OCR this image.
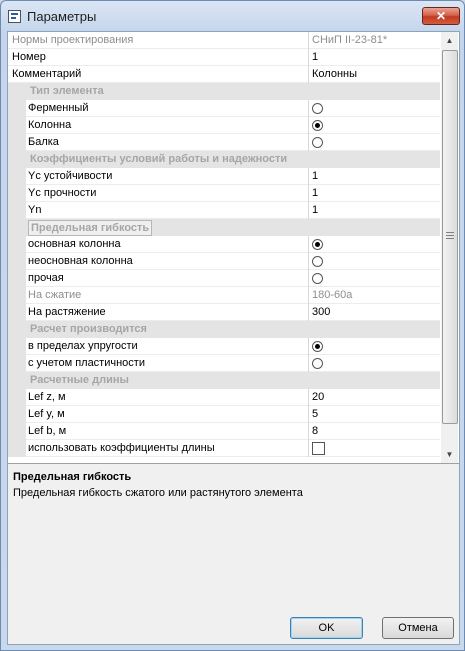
Параметры	✕
Нормы проектирования	СНиП II-23-81*
Номер	1
Комментарий	Колонны
Тип элемента
Ферменный
Колонна
Балка
Коэффициенты условий работы и надежности
Yc устойчивости	1
Yc прочности	1
Yn	1
Предельная гибкость
основная колонна
неосновная колонна
прочая
На сжатие	180-60a
На растяжение	300
Расчет производится
в пределах упругости
с учетом пластичности
Расчетные длины
Lef z, м	20
Lef y, м	5
Lef b, м	8
использовать коэффициенты длины
▲
▼
Предельная гибкость
Предельная гибкость сжатого или растянутого элемента
OK	Отмена
